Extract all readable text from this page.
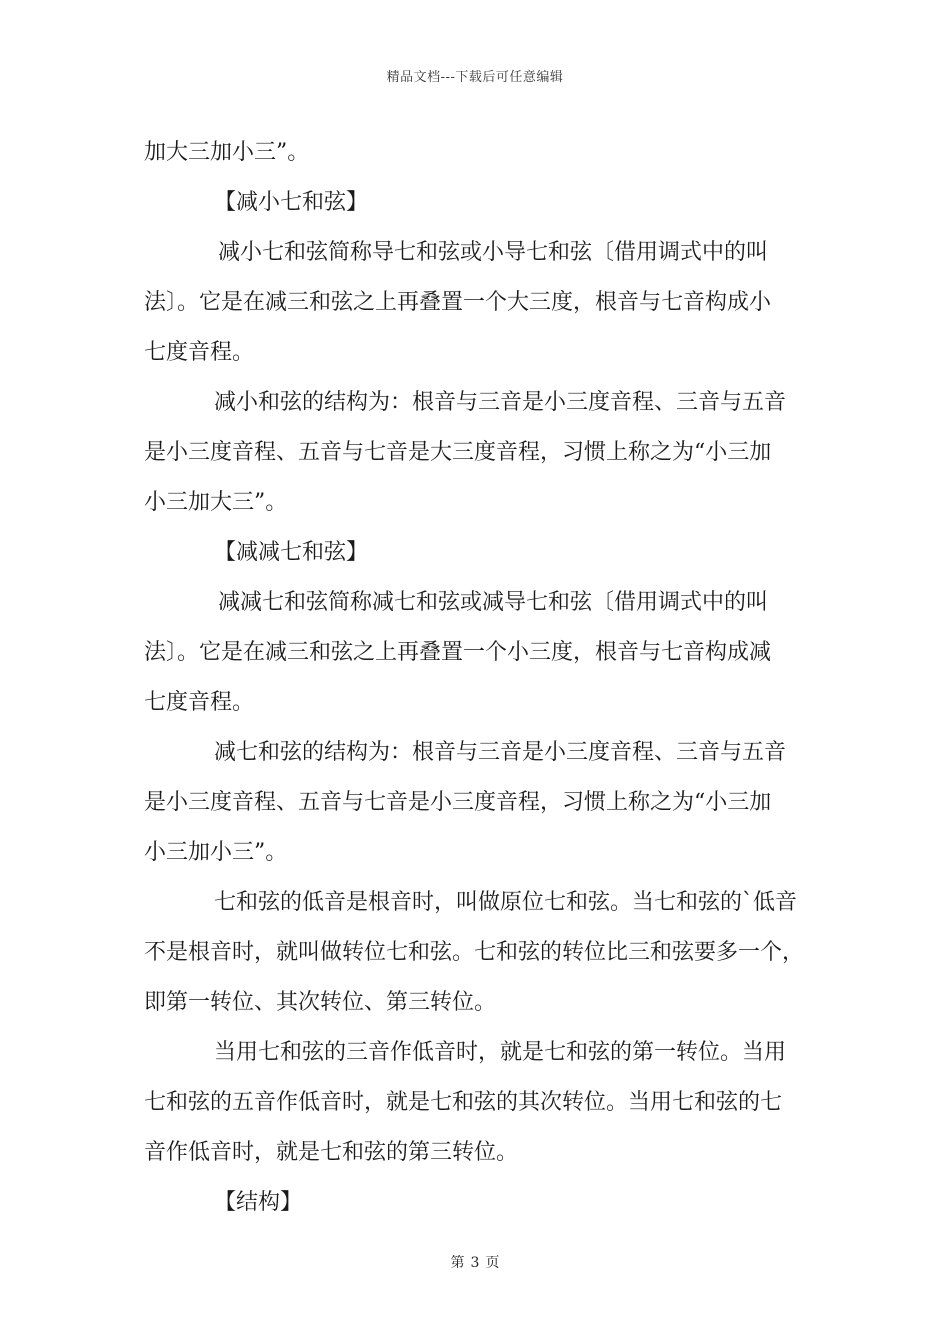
精品文档---下载后可任意编辑
加大三加小三”。
【减小七和弦】
减小七和弦简称导七和弦或小导七和弦〔借用调式中的叫
法〕。它是在减三和弦之上再叠置一个大三度，根音与七音构成小
七度音程。
减小和弦的结构为：根音与三音是小三度音程、三音与五音
是小三度音程、五音与七音是大三度音程，习惯上称之为“小三加
小三加大三”。
【减减七和弦】
减减七和弦简称减七和弦或减导七和弦〔借用调式中的叫
法〕。它是在减三和弦之上再叠置一个小三度，根音与七音构成减
七度音程。
减七和弦的结构为：根音与三音是小三度音程、三音与五音
是小三度音程、五音与七音是小三度音程，习惯上称之为“小三加
小三加小三”。
七和弦的低音是根音时，叫做原位七和弦。当七和弦的`低音
不是根音时，就叫做转位七和弦。七和弦的转位比三和弦要多一个，
即第一转位、其次转位、第三转位。
当用七和弦的三音作低音时，就是七和弦的第一转位。当用
七和弦的五音作低音时，就是七和弦的其次转位。当用七和弦的七
音作低音时，就是七和弦的第三转位。
【结构】
第 3 页
